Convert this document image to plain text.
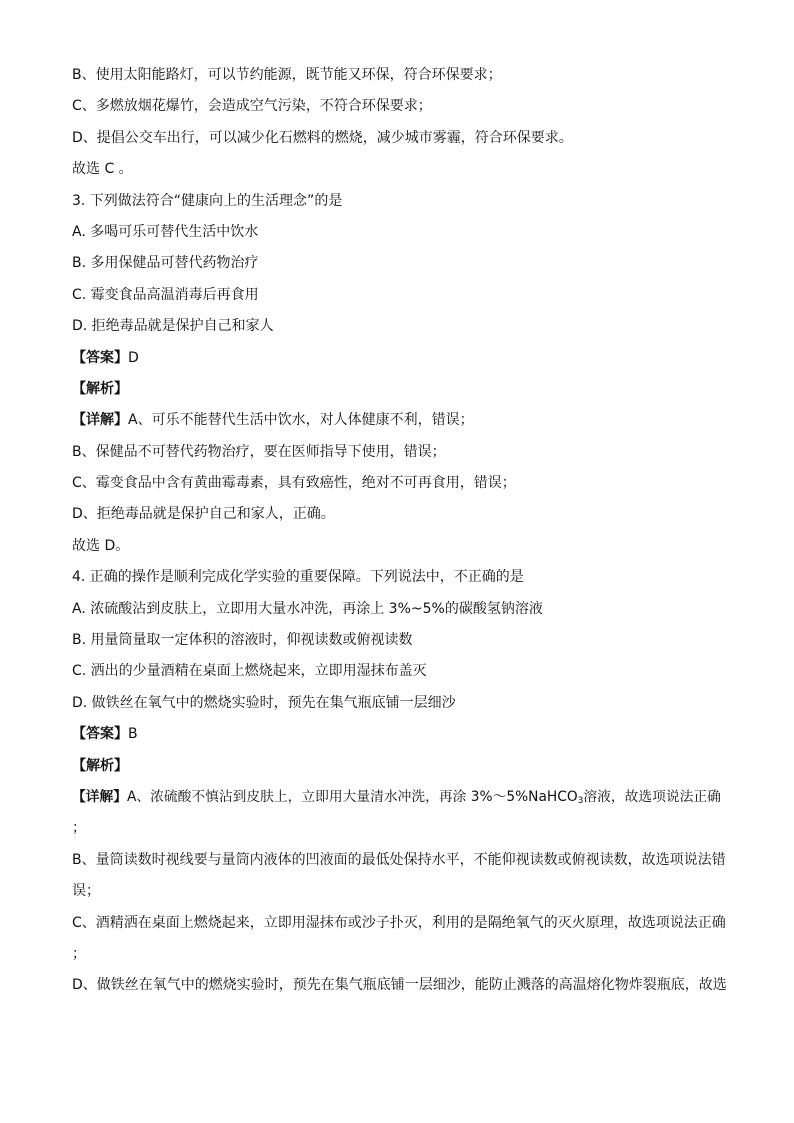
B、使用太阳能路灯，可以节约能源，既节能又环保，符合环保要求；
C、多燃放烟花爆竹，会造成空气污染，不符合环保要求；
D、提倡公交车出行，可以减少化石燃料的燃烧，减少城市雾霾，符合环保要求。
故选 C 。
3. 下列做法符合“健康向上的生活理念”的是
A. 多喝可乐可替代生活中饮水
B. 多用保健品可替代药物治疗
C. 霉变食品高温消毒后再食用
D. 拒绝毒品就是保护自己和家人
【答案】D
【解析】
【详解】A、可乐不能替代生活中饮水，对人体健康不利，错误；
B、保健品不可替代药物治疗，要在医师指导下使用，错误；
C、霉变食品中含有黄曲霉毒素，具有致癌性，绝对不可再食用，错误；
D、拒绝毒品就是保护自己和家人，正确。
故选 D。
4. 正确的操作是顺利完成化学实验的重要保障。下列说法中，不正确的是
A. 浓硫酸沾到皮肤上，立即用大量水冲洗，再涂上 3%~5%的碳酸氢钠溶液
B. 用量筒量取一定体积的溶液时，仰视读数或俯视读数
C. 洒出的少量酒精在桌面上燃烧起来，立即用湿抹布盖灭
D. 做铁丝在氧气中的燃烧实验时，预先在集气瓶底铺一层细沙
【答案】B
【解析】
【详解】A、浓硫酸不慎沾到皮肤上，立即用大量清水冲洗，再涂 3%～5%NaHCO$_3$溶液，故选项说法正确
；
B、量筒读数时视线要与量筒内液体的凹液面的最低处保持水平，不能仰视读数或俯视读数，故选项说法错
误；
C、酒精洒在桌面上燃烧起来，立即用湿抹布或沙子扑灭，利用的是隔绝氧气的灭火原理，故选项说法正确
；
D、做铁丝在氧气中的燃烧实验时，预先在集气瓶底铺一层细沙，能防止溅落的高温熔化物炸裂瓶底，故选
